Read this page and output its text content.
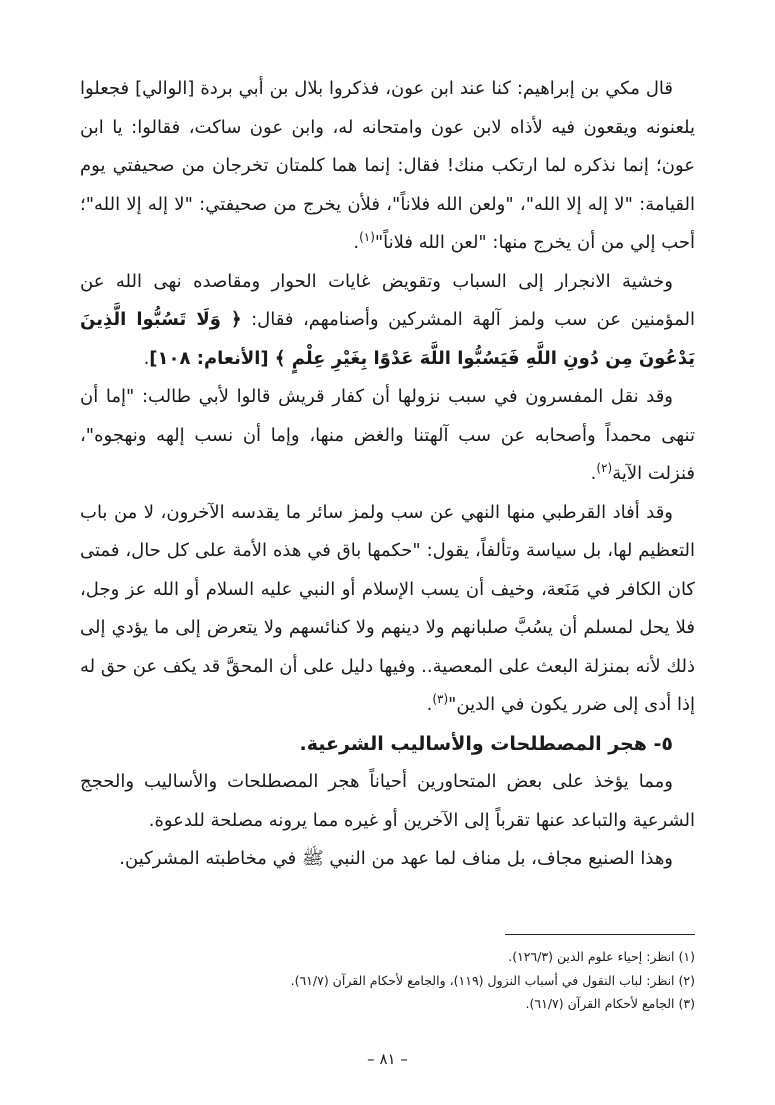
قال مكي بن إبراهيم: كنا عند ابن عون، فذكروا بلال بن أبي بردة [الوالي] فجعلوا يلعنونه ويقعون فيه لأذاه لابن عون وامتحانه له، وابن عون ساكت، فقالوا: يا ابن عون؛ إنما نذكره لما ارتكب منك! فقال: إنما هما كلمتان تخرجان من صحيفتي يوم القيامة: "لا إله إلا الله"، "ولعن الله فلاناً"، فلأن يخرج من صحيفتي: "لا إله إلا الله"؛ أحب إلي من أن يخرج منها: "لعن الله فلاناً"$^{(١)}$.

وخشية الانجرار إلى السباب وتقويض غايات الحوار ومقاصده نهى الله عن المؤمنين عن سب ولمز آلهة المشركين وأصنامهم، فقال: ﴿ وَلَا تَسُبُّوا الَّذِينَ يَدْعُونَ مِن دُونِ اللَّهِ فَيَسُبُّوا اللَّهَ عَدْوًا بِغَيْرِ عِلْمٍ ﴾ [الأنعام: ١٠٨].

وقد نقل المفسرون في سبب نزولها أن كفار قريش قالوا لأبي طالب: "إما أن تنهى محمداً وأصحابه عن سب آلهتنا والغض منها، وإما أن نسب إلهه ونهجوه"، فنزلت الآية$^{(٢)}$.

وقد أفاد القرطبي منها النهي عن سب ولمز سائر ما يقدسه الآخرون، لا من باب التعظيم لها، بل سياسة وتألفاً، يقول: "حكمها باق في هذه الأمة على كل حال، فمتى كان الكافر في مَنَعة، وخيف أن يسب الإسلام أو النبي عليه السلام أو الله عز وجل، فلا يحل لمسلم أن يسُبَّ صلبانهم ولا دينهم ولا كنائسهم ولا يتعرض إلى ما يؤدي إلى ذلك لأنه بمنزلة البعث على المعصية.. وفيها دليل على أن المحقَّ قد يكف عن حق له إذا أدى إلى ضرر يكون في الدين"$^{(٣)}$.

٥- هجر المصطلحات والأساليب الشرعية.

ومما يؤخذ على بعض المتحاورين أحياناً هجر المصطلحات والأساليب والحجج الشرعية والتباعد عنها تقرباً إلى الآخرين أو غيره مما يرونه مصلحة للدعوة.

وهذا الصنيع مجاف، بل مناف لما عهد من النبي ﷺ في مخاطبته المشركين.

(١) انظر: إحياء علوم الدين (١٢٦/٣).

(٢) انظر: لباب النقول في أسباب النزول (١١٩)، والجامع لأحكام القرآن (٦١/٧).

(٣) الجامع لأحكام القرآن (٦١/٧).

– ٨١ –
